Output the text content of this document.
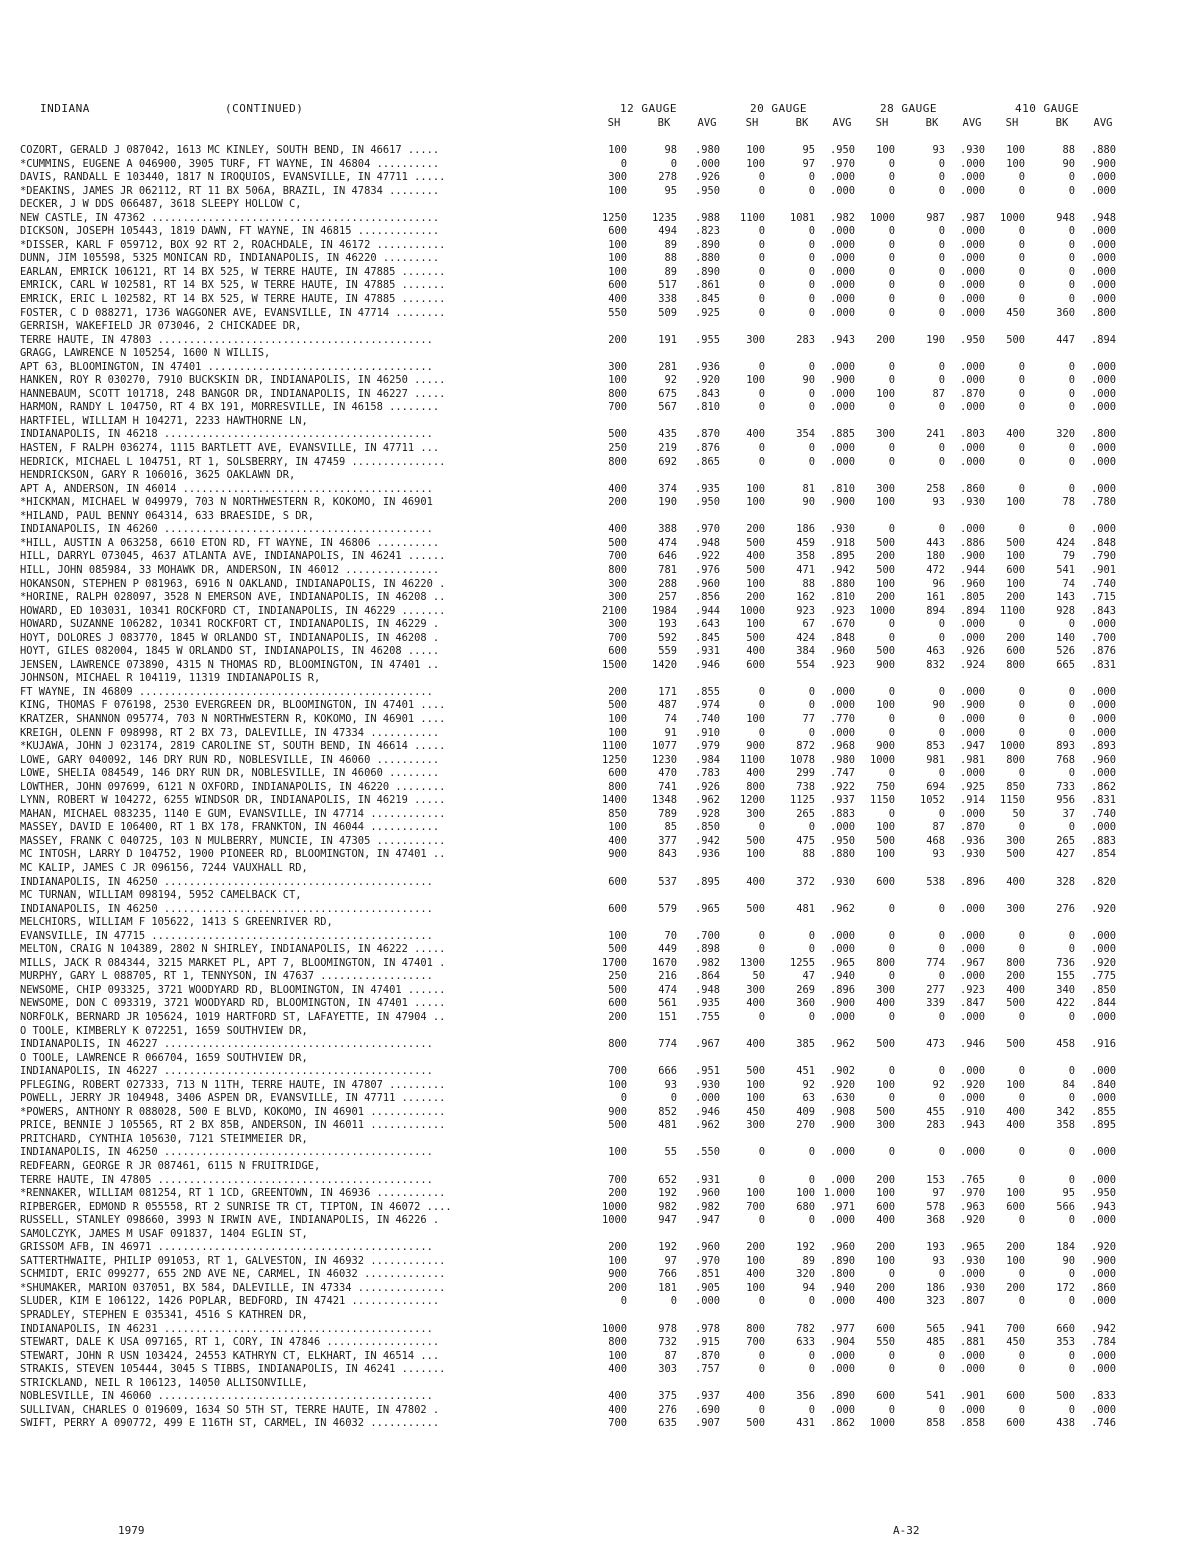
INDIANA	(CONTINUED)	12 GAUGE	20 GAUGE	28 GAUGE	410 GAUGE
SH	BK	AVG	SH	BK	AVG	SH	BK	AVG	SH	BK	AVG
COZORT, GERALD J 087042, 1613 MC KINLEY, SOUTH BEND, IN 46617 .....	100	98	.980	100	95	.950	100	93	.930	100	88	.880
*CUMMINS, EUGENE A 046900, 3905 TURF, FT WAYNE, IN 46804 ..........	0	0	.000	100	97	.970	0	0	.000	100	90	.900
DAVIS, RANDALL E 103440, 1817 N IROQUIOS, EVANSVILLE, IN 47711 .....	300	278	.926	0	0	.000	0	0	.000	0	0	.000
*DEAKINS, JAMES JR 062112, RT 11 BX 506A, BRAZIL, IN 47834 ........	100	95	.950	0	0	.000	0	0	.000	0	0	.000
DECKER, J W DDS 066487, 3618 SLEEPY HOLLOW C,
NEW CASTLE, IN 47362 ..............................................	1250	1235	.988	1100	1081	.982	1000	987	.987	1000	948	.948
DICKSON, JOSEPH 105443, 1819 DAWN, FT WAYNE, IN 46815 .............	600	494	.823	0	0	.000	0	0	.000	0	0	.000
*DISSER, KARL F 059712, BOX 92 RT 2, ROACHDALE, IN 46172 ...........	100	89	.890	0	0	.000	0	0	.000	0	0	.000
DUNN, JIM 105598, 5325 MONICAN RD, INDIANAPOLIS, IN 46220 .........	100	88	.880	0	0	.000	0	0	.000	0	0	.000
EARLAN, EMRICK 106121, RT 14 BX 525, W TERRE HAUTE, IN 47885 .......	100	89	.890	0	0	.000	0	0	.000	0	0	.000
EMRICK, CARL W 102581, RT 14 BX 525, W TERRE HAUTE, IN 47885 .......	600	517	.861	0	0	.000	0	0	.000	0	0	.000
EMRICK, ERIC L 102582, RT 14 BX 525, W TERRE HAUTE, IN 47885 .......	400	338	.845	0	0	.000	0	0	.000	0	0	.000
FOSTER, C D 088271, 1736 WAGGONER AVE, EVANSVILLE, IN 47714 ........	550	509	.925	0	0	.000	0	0	.000	450	360	.800
GERRISH, WAKEFIELD JR 073046, 2 CHICKADEE DR,
TERRE HAUTE, IN 47803 ............................................	200	191	.955	300	283	.943	200	190	.950	500	447	.894
GRAGG, LAWRENCE N 105254, 1600 N WILLIS,
APT 63, BLOOMINGTON, IN 47401 ....................................	300	281	.936	0	0	.000	0	0	.000	0	0	.000
HANKEN, ROY R 030270, 7910 BUCKSKIN DR, INDIANAPOLIS, IN 46250 .....	100	92	.920	100	90	.900	0	0	.000	0	0	.000
HANNEBAUM, SCOTT 101718, 248 BANGOR DR, INDIANAPOLIS, IN 46227 .....	800	675	.843	0	0	.000	100	87	.870	0	0	.000
HARMON, RANDY L 104750, RT 4 BX 191, MORRESVILLE, IN 46158 ........	700	567	.810	0	0	.000	0	0	.000	0	0	.000
HARTFIEL, WILLIAM H 104271, 2233 HAWTHORNE LN,
INDIANAPOLIS, IN 46218 ...........................................	500	435	.870	400	354	.885	300	241	.803	400	320	.800
HASTEN, F RALPH 036274, 1115 BARTLETT AVE, EVANSVILLE, IN 47711 ...	250	219	.876	0	0	.000	0	0	.000	0	0	.000
HEDRICK, MICHAEL L 104751, RT 1, SOLSBERRY, IN 47459 ...............	800	692	.865	0	0	.000	0	0	.000	0	0	.000
HENDRICKSON, GARY R 106016, 3625 OAKLAWN DR,
APT A, ANDERSON, IN 46014 ........................................	400	374	.935	100	81	.810	300	258	.860	0	0	.000
*HICKMAN, MICHAEL W 049979, 703 N NORTHWESTERN R, KOKOMO, IN 46901	200	190	.950	100	90	.900	100	93	.930	100	78	.780
*HILAND, PAUL BENNY 064314, 633 BRAESIDE, S DR,
INDIANAPOLIS, IN 46260 ...........................................	400	388	.970	200	186	.930	0	0	.000	0	0	.000
*HILL, AUSTIN A 063258, 6610 ETON RD, FT WAYNE, IN 46806 ..........	500	474	.948	500	459	.918	500	443	.886	500	424	.848
HILL, DARRYL 073045, 4637 ATLANTA AVE, INDIANAPOLIS, IN 46241 ......	700	646	.922	400	358	.895	200	180	.900	100	79	.790
HILL, JOHN 085984, 33 MOHAWK DR, ANDERSON, IN 46012 ...............	800	781	.976	500	471	.942	500	472	.944	600	541	.901
HOKANSON, STEPHEN P 081963, 6916 N OAKLAND, INDIANAPOLIS, IN 46220 .	300	288	.960	100	88	.880	100	96	.960	100	74	.740
*HORINE, RALPH 028097, 3528 N EMERSON AVE, INDIANAPOLIS, IN 46208 ..	300	257	.856	200	162	.810	200	161	.805	200	143	.715
HOWARD, ED 103031, 10341 ROCKFORD CT, INDIANAPOLIS, IN 46229 .......	2100	1984	.944	1000	923	.923	1000	894	.894	1100	928	.843
HOWARD, SUZANNE 106282, 10341 ROCKFORT CT, INDIANAPOLIS, IN 46229 .	300	193	.643	100	67	.670	0	0	.000	0	0	.000
HOYT, DOLORES J 083770, 1845 W ORLANDO ST, INDIANAPOLIS, IN 46208 .	700	592	.845	500	424	.848	0	0	.000	200	140	.700
HOYT, GILES 082004, 1845 W ORLANDO ST, INDIANAPOLIS, IN 46208 .....	600	559	.931	400	384	.960	500	463	.926	600	526	.876
JENSEN, LAWRENCE 073890, 4315 N THOMAS RD, BLOOMINGTON, IN 47401 ..	1500	1420	.946	600	554	.923	900	832	.924	800	665	.831
JOHNSON, MICHAEL R 104119, 11319 INDIANAPOLIS R,
FT WAYNE, IN 46809 ...............................................	200	171	.855	0	0	.000	0	0	.000	0	0	.000
KING, THOMAS F 076198, 2530 EVERGREEN DR, BLOOMINGTON, IN 47401 ....	500	487	.974	0	0	.000	100	90	.900	0	0	.000
KRATZER, SHANNON 095774, 703 N NORTHWESTERN R, KOKOMO, IN 46901 ....	100	74	.740	100	77	.770	0	0	.000	0	0	.000
KREIGH, OLENN F 098998, RT 2 BX 73, DALEVILLE, IN 47334 ...........	100	91	.910	0	0	.000	0	0	.000	0	0	.000
*KUJAWA, JOHN J 023174, 2819 CAROLINE ST, SOUTH BEND, IN 46614 .....	1100	1077	.979	900	872	.968	900	853	.947	1000	893	.893
LOWE, GARY 040092, 146 DRY RUN RD, NOBLESVILLE, IN 46060 ..........	1250	1230	.984	1100	1078	.980	1000	981	.981	800	768	.960
LOWE, SHELIA 084549, 146 DRY RUN DR, NOBLESVILLE, IN 46060 ........	600	470	.783	400	299	.747	0	0	.000	0	0	.000
LOWTHER, JOHN 097699, 6121 N OXFORD, INDIANAPOLIS, IN 46220 ........	800	741	.926	800	738	.922	750	694	.925	850	733	.862
LYNN, ROBERT W 104272, 6255 WINDSOR DR, INDIANAPOLIS, IN 46219 .....	1400	1348	.962	1200	1125	.937	1150	1052	.914	1150	956	.831
MAHAN, MICHAEL 083235, 1140 E GUM, EVANSVILLE, IN 47714 ............	850	789	.928	300	265	.883	0	0	.000	50	37	.740
MASSEY, DAVID E 106400, RT 1 BX 178, FRANKTON, IN 46044 ...........	100	85	.850	0	0	.000	100	87	.870	0	0	.000
MASSEY, FRANK C 040725, 103 N MULBERRY, MUNCIE, IN 47305 ...........	400	377	.942	500	475	.950	500	468	.936	300	265	.883
MC INTOSH, LARRY D 104752, 1900 PIONEER RD, BLOOMINGTON, IN 47401 ..	900	843	.936	100	88	.880	100	93	.930	500	427	.854
MC KALIP, JAMES C JR 096156, 7244 VAUXHALL RD,
INDIANAPOLIS, IN 46250 ...........................................	600	537	.895	400	372	.930	600	538	.896	400	328	.820
MC TURNAN, WILLIAM 098194, 5952 CAMELBACK CT,
INDIANAPOLIS, IN 46250 ...........................................	600	579	.965	500	481	.962	0	0	.000	300	276	.920
MELCHIORS, WILLIAM F 105622, 1413 S GREENRIVER RD,
EVANSVILLE, IN 47715 .............................................	100	70	.700	0	0	.000	0	0	.000	0	0	.000
MELTON, CRAIG N 104389, 2802 N SHIRLEY, INDIANAPOLIS, IN 46222 .....	500	449	.898	0	0	.000	0	0	.000	0	0	.000
MILLS, JACK R 084344, 3215 MARKET PL, APT 7, BLOOMINGTON, IN 47401 .	1700	1670	.982	1300	1255	.965	800	774	.967	800	736	.920
MURPHY, GARY L 088705, RT 1, TENNYSON, IN 47637 ..................	250	216	.864	50	47	.940	0	0	.000	200	155	.775
NEWSOME, CHIP 093325, 3721 WOODYARD RD, BLOOMINGTON, IN 47401 ......	500	474	.948	300	269	.896	300	277	.923	400	340	.850
NEWSOME, DON C 093319, 3721 WOODYARD RD, BLOOMINGTON, IN 47401 .....	600	561	.935	400	360	.900	400	339	.847	500	422	.844
NORFOLK, BERNARD JR 105624, 1019 HARTFORD ST, LAFAYETTE, IN 47904 ..	200	151	.755	0	0	.000	0	0	.000	0	0	.000
O TOOLE, KIMBERLY K 072251, 1659 SOUTHVIEW DR,
INDIANAPOLIS, IN 46227 ...........................................	800	774	.967	400	385	.962	500	473	.946	500	458	.916
O TOOLE, LAWRENCE R 066704, 1659 SOUTHVIEW DR,
INDIANAPOLIS, IN 46227 ...........................................	700	666	.951	500	451	.902	0	0	.000	0	0	.000
PFLEGING, ROBERT 027333, 713 N 11TH, TERRE HAUTE, IN 47807 .........	100	93	.930	100	92	.920	100	92	.920	100	84	.840
POWELL, JERRY JR 104948, 3406 ASPEN DR, EVANSVILLE, IN 47711 .......	0	0	.000	100	63	.630	0	0	.000	0	0	.000
*POWERS, ANTHONY R 088028, 500 E BLVD, KOKOMO, IN 46901 ............	900	852	.946	450	409	.908	500	455	.910	400	342	.855
PRICE, BENNIE J 105565, RT 2 BX 85B, ANDERSON, IN 46011 ............	500	481	.962	300	270	.900	300	283	.943	400	358	.895
PRITCHARD, CYNTHIA 105630, 7121 STEIMMEIER DR,
INDIANAPOLIS, IN 46250 ...........................................	100	55	.550	0	0	.000	0	0	.000	0	0	.000
REDFEARN, GEORGE R JR 087461, 6115 N FRUITRIDGE,
TERRE HAUTE, IN 47805 ............................................	700	652	.931	0	0	.000	200	153	.765	0	0	.000
*RENNAKER, WILLIAM 081254, RT 1 1CD, GREENTOWN, IN 46936 ...........	200	192	.960	100	100 1.000	100	97	.970	100	95	.950
RIPBERGER, EDMOND R 055558, RT 2 SUNRISE TR CT, TIPTON, IN 46072 ....	1000	982	.982	700	680	.971	600	578	.963	600	566	.943
RUSSELL, STANLEY 098660, 3993 N IRWIN AVE, INDIANAPOLIS, IN 46226 .	1000	947	.947	0	0	.000	400	368	.920	0	0	.000
SAMOLCZYK, JAMES M USAF 091837, 1404 EGLIN ST,
GRISSOM AFB, IN 46971 ............................................	200	192	.960	200	192	.960	200	193	.965	200	184	.920
SATTERTHWAITE, PHILIP 091053, RT 1, GALVESTON, IN 46932 ............	100	97	.970	100	89	.890	100	93	.930	100	90	.900
SCHMIDT, ERIC 099277, 655 2ND AVE NE, CARMEL, IN 46032 .............	900	766	.851	400	320	.800	0	0	.000	0	0	.000
*SHUMAKER, MARION 037051, BX 584, DALEVILLE, IN 47334 ..............	200	181	.905	100	94	.940	200	186	.930	200	172	.860
SLUDER, KIM E 106122, 1426 POPLAR, BEDFORD, IN 47421 ..............	0	0	.000	0	0	.000	400	323	.807	0	0	.000
SPRADLEY, STEPHEN E 035341, 4516 S KATHREN DR,
INDIANAPOLIS, IN 46231 ...........................................	1000	978	.978	800	782	.977	600	565	.941	700	660	.942
STEWART, DALE K USA 097165, RT 1, CORY, IN 47846 ..................	800	732	.915	700	633	.904	550	485	.881	450	353	.784
STEWART, JOHN R USN 103424, 24553 KATHRYN CT, ELKHART, IN 46514 ...	100	87	.870	0	0	.000	0	0	.000	0	0	.000
STRAKIS, STEVEN 105444, 3045 S TIBBS, INDIANAPOLIS, IN 46241 .......	400	303	.757	0	0	.000	0	0	.000	0	0	.000
STRICKLAND, NEIL R 106123, 14050 ALLISONVILLE,
NOBLESVILLE, IN 46060 ............................................	400	375	.937	400	356	.890	600	541	.901	600	500	.833
SULLIVAN, CHARLES O 019609, 1634 SO 5TH ST, TERRE HAUTE, IN 47802 .	400	276	.690	0	0	.000	0	0	.000	0	0	.000
SWIFT, PERRY A 090772, 499 E 116TH ST, CARMEL, IN 46032 ...........	700	635	.907	500	431	.862	1000	858	.858	600	438	.746
1979	A-32
